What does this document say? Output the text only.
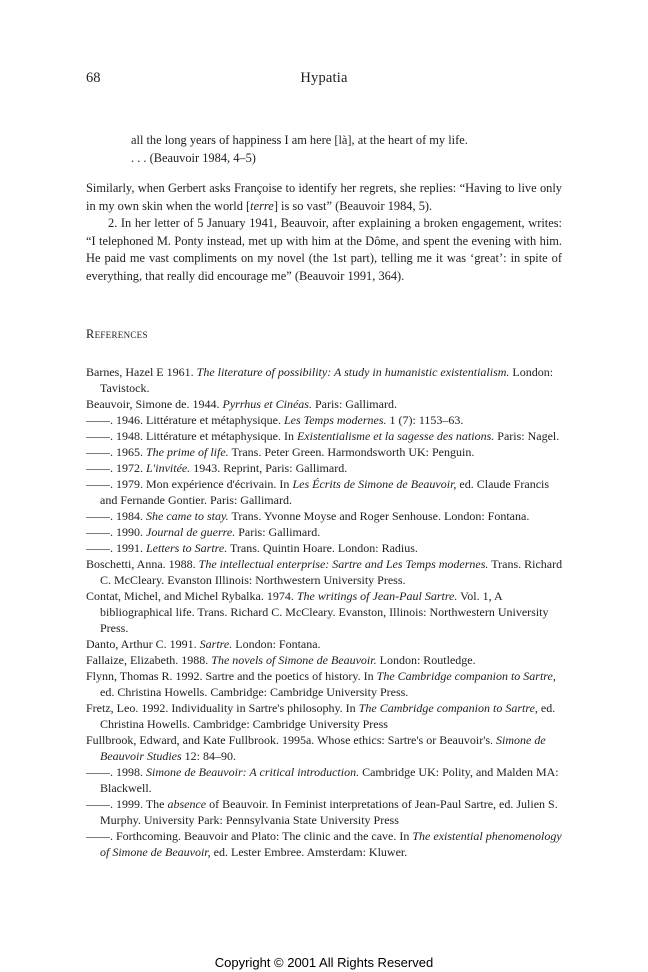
68	Hypatia
all the long years of happiness I am here [là], at the heart of my life.
. . . (Beauvoir 1984, 4–5)

Similarly, when Gerbert asks Françoise to identify her regrets, she replies: “Having to live only in my own skin when the world [terre] is so vast” (Beauvoir 1984, 5).

2. In her letter of 5 January 1941, Beauvoir, after explaining a broken engagement, writes: “I telephoned M. Ponty instead, met up with him at the Dôme, and spent the evening with him. He paid me vast compliments on my novel (the 1st part), telling me it was ‘great’: in spite of everything, that really did encourage me” (Beauvoir 1991, 364).

References
Barnes, Hazel E 1961. The literature of possibility: A study in humanistic existentialism. London: Tavistock.
Beauvoir, Simone de. 1944. Pyrrhus et Cinéas. Paris: Gallimard.
——. 1946. Littérature et métaphysique. Les Temps modernes. 1 (7): 1153–63.
——. 1948. Littérature et métaphysique. In Existentialisme et la sagesse des nations. Paris: Nagel.
——. 1965. The prime of life. Trans. Peter Green. Harmondsworth UK: Penguin.
——. 1972. L'invitée. 1943. Reprint, Paris: Gallimard.
——. 1979. Mon expérience d'écrivain. In Les Écrits de Simone de Beauvoir, ed. Claude Francis and Fernande Gontier. Paris: Gallimard.
——. 1984. She came to stay. Trans. Yvonne Moyse and Roger Senhouse. London: Fontana.
——. 1990. Journal de guerre. Paris: Gallimard.
——. 1991. Letters to Sartre. Trans. Quintin Hoare. London: Radius.
Boschetti, Anna. 1988. The intellectual enterprise: Sartre and Les Temps modernes. Trans. Richard C. McCleary. Evanston Illinois: Northwestern University Press.
Contat, Michel, and Michel Rybalka. 1974. The writings of Jean-Paul Sartre. Vol. 1, A bibliographical life. Trans. Richard C. McCleary. Evanston, Illinois: Northwestern University Press.
Danto, Arthur C. 1991. Sartre. London: Fontana.
Fallaize, Elizabeth. 1988. The novels of Simone de Beauvoir. London: Routledge.
Flynn, Thomas R. 1992. Sartre and the poetics of history. In The Cambridge companion to Sartre, ed. Christina Howells. Cambridge: Cambridge University Press.
Fretz, Leo. 1992. Individuality in Sartre's philosophy. In The Cambridge companion to Sartre, ed. Christina Howells. Cambridge: Cambridge University Press
Fullbrook, Edward, and Kate Fullbrook. 1995a. Whose ethics: Sartre's or Beauvoir's. Simone de Beauvoir Studies 12: 84–90.
——. 1998. Simone de Beauvoir: A critical introduction. Cambridge UK: Polity, and Malden MA: Blackwell.
——. 1999. The absence of Beauvoir. In Feminist interpretations of Jean-Paul Sartre, ed. Julien S. Murphy. University Park: Pennsylvania State University Press
——. Forthcoming. Beauvoir and Plato: The clinic and the cave. In The existential phenomenology of Simone de Beauvoir, ed. Lester Embree. Amsterdam: Kluwer.
Copyright © 2001 All Rights Reserved
